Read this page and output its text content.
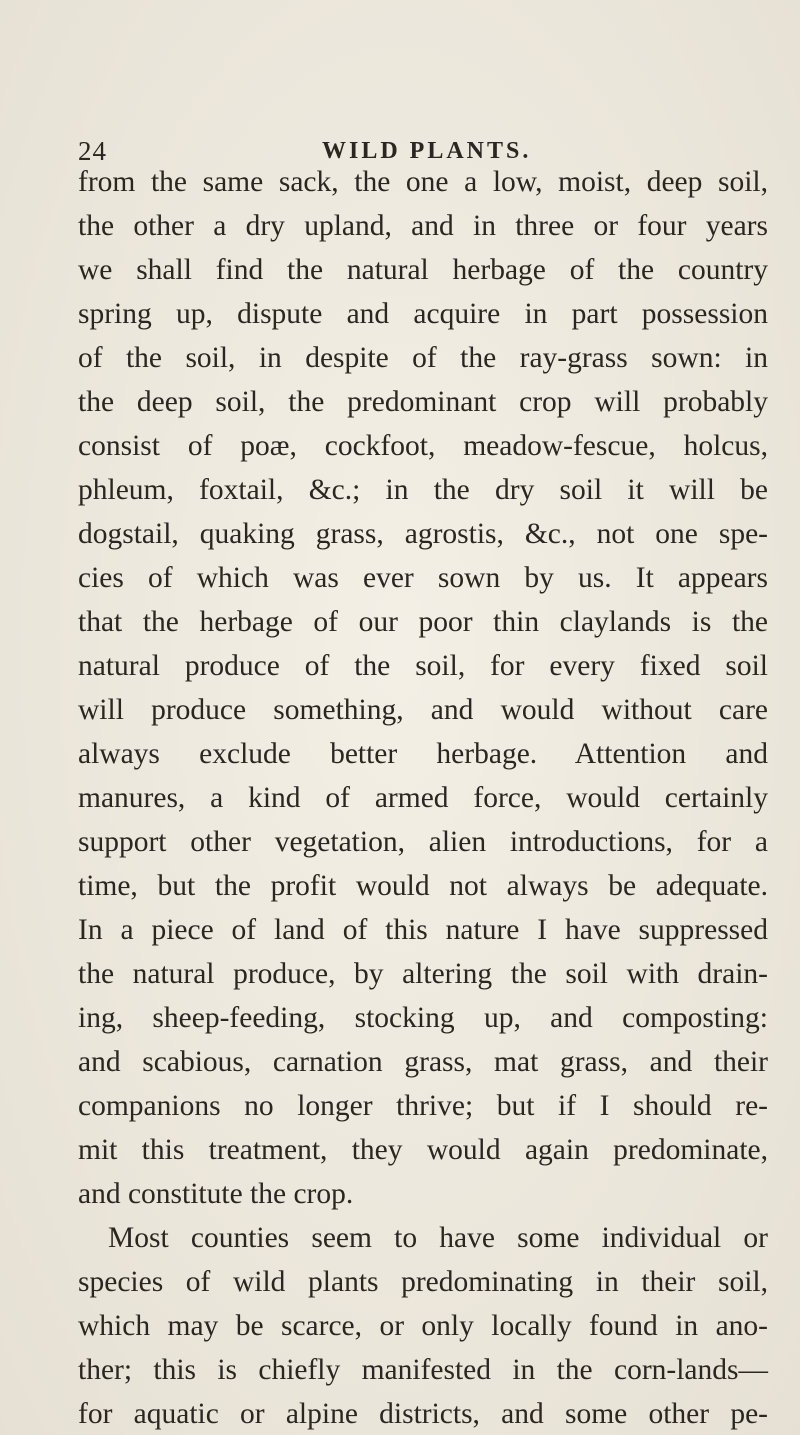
24	WILD PLANTS.
from the same sack, the one a low, moist, deep soil,
the other a dry upland, and in three or four years
we shall find the natural herbage of the country
spring up, dispute and acquire in part possession
of the soil, in despite of the ray-grass sown: in
the deep soil, the predominant crop will probably
consist of poæ, cockfoot, meadow-fescue, holcus,
phleum, foxtail, &c.; in the dry soil it will be
dogstail, quaking grass, agrostis, &c., not one spe-
cies of which was ever sown by us. It appears
that the herbage of our poor thin claylands is the
natural produce of the soil, for every fixed soil
will produce something, and would without care
always exclude better herbage. Attention and
manures, a kind of armed force, would certainly
support other vegetation, alien introductions, for a
time, but the profit would not always be adequate.
In a piece of land of this nature I have suppressed
the natural produce, by altering the soil with drain-
ing, sheep-feeding, stocking up, and composting:
and scabious, carnation grass, mat grass, and their
companions no longer thrive; but if I should re-
mit this treatment, they would again predominate,
and constitute the crop.
Most counties seem to have some individual or
species of wild plants predominating in their soil,
which may be scarce, or only locally found in ano-
ther; this is chiefly manifested in the corn-lands—
for aquatic or alpine districts, and some other pe-
